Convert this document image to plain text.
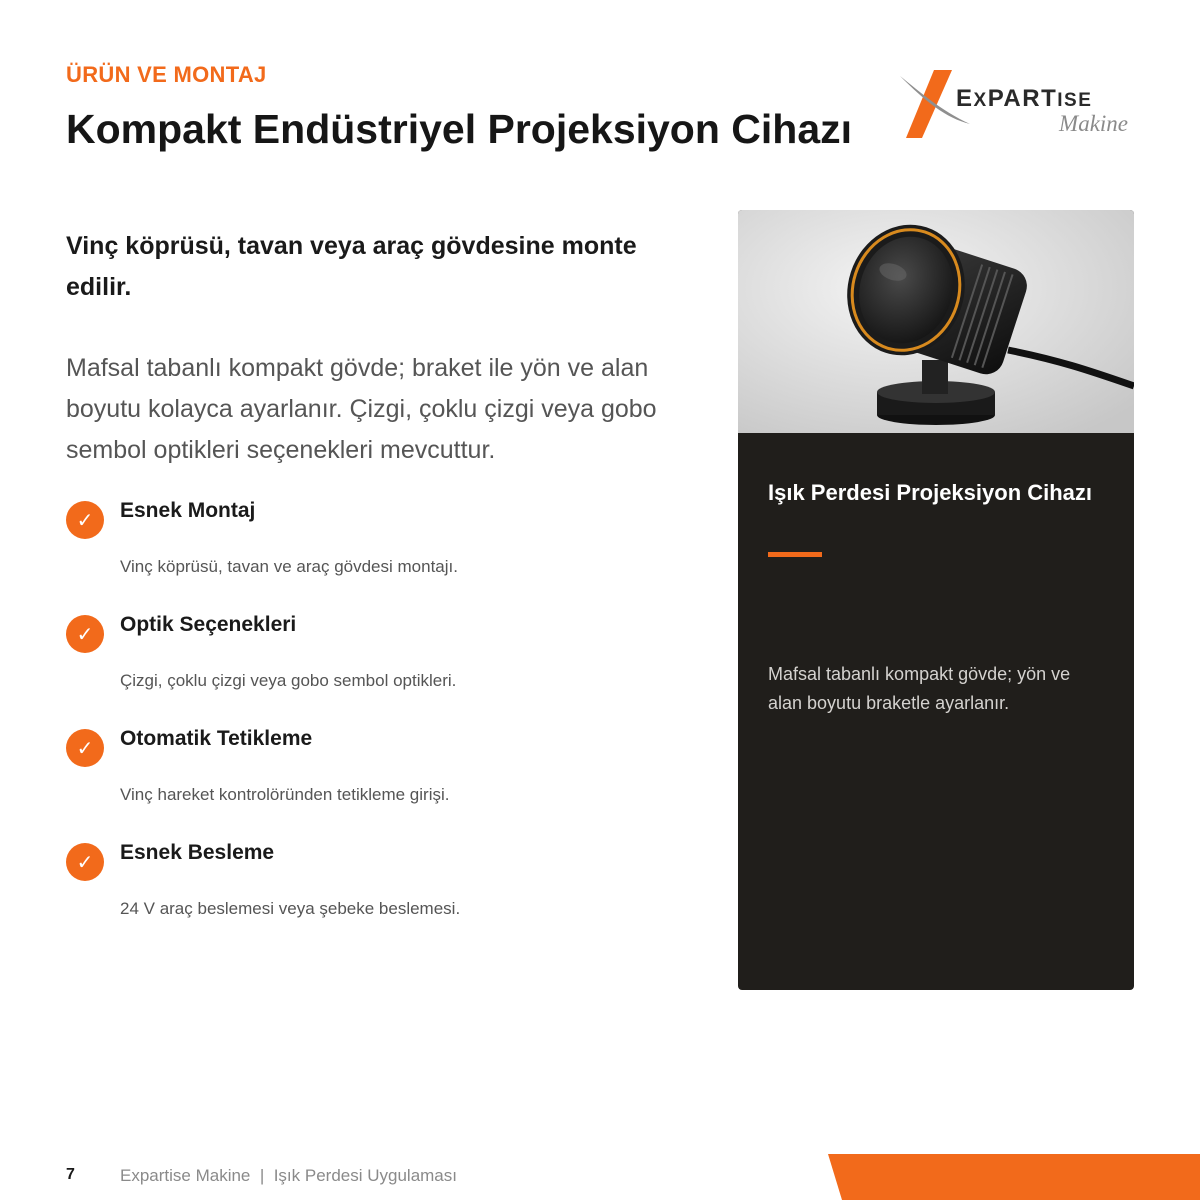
ÜRÜN VE MONTAJ
Kompakt Endüstriyel Projeksiyon Cihazı
EXPARTISE
Makine

Vinç köprüsü, tavan veya araç gövdesine monte edilir.

Mafsal tabanlı kompakt gövde; braket ile yön ve alan boyutu kolayca ayarlanır. Çizgi, çoklu çizgi veya gobo sembol optikleri seçenekleri mevcuttur.

✓	Esnek Montaj
Vinç köprüsü, tavan ve araç gövdesi montajı.
✓	Optik Seçenekleri
Çizgi, çoklu çizgi veya gobo sembol optikleri.
✓	Otomatik Tetikleme
Vinç hareket kontrolöründen tetikleme girişi.
✓	Esnek Besleme
24 V araç beslemesi veya şebeke beslemesi.
Işık Perdesi Projeksiyon Cihazı

Mafsal tabanlı kompakt gövde; yön ve alan boyutu braketle ayarlanır.

7	Expartise Makine  |  Işık Perdesi Uygulaması
